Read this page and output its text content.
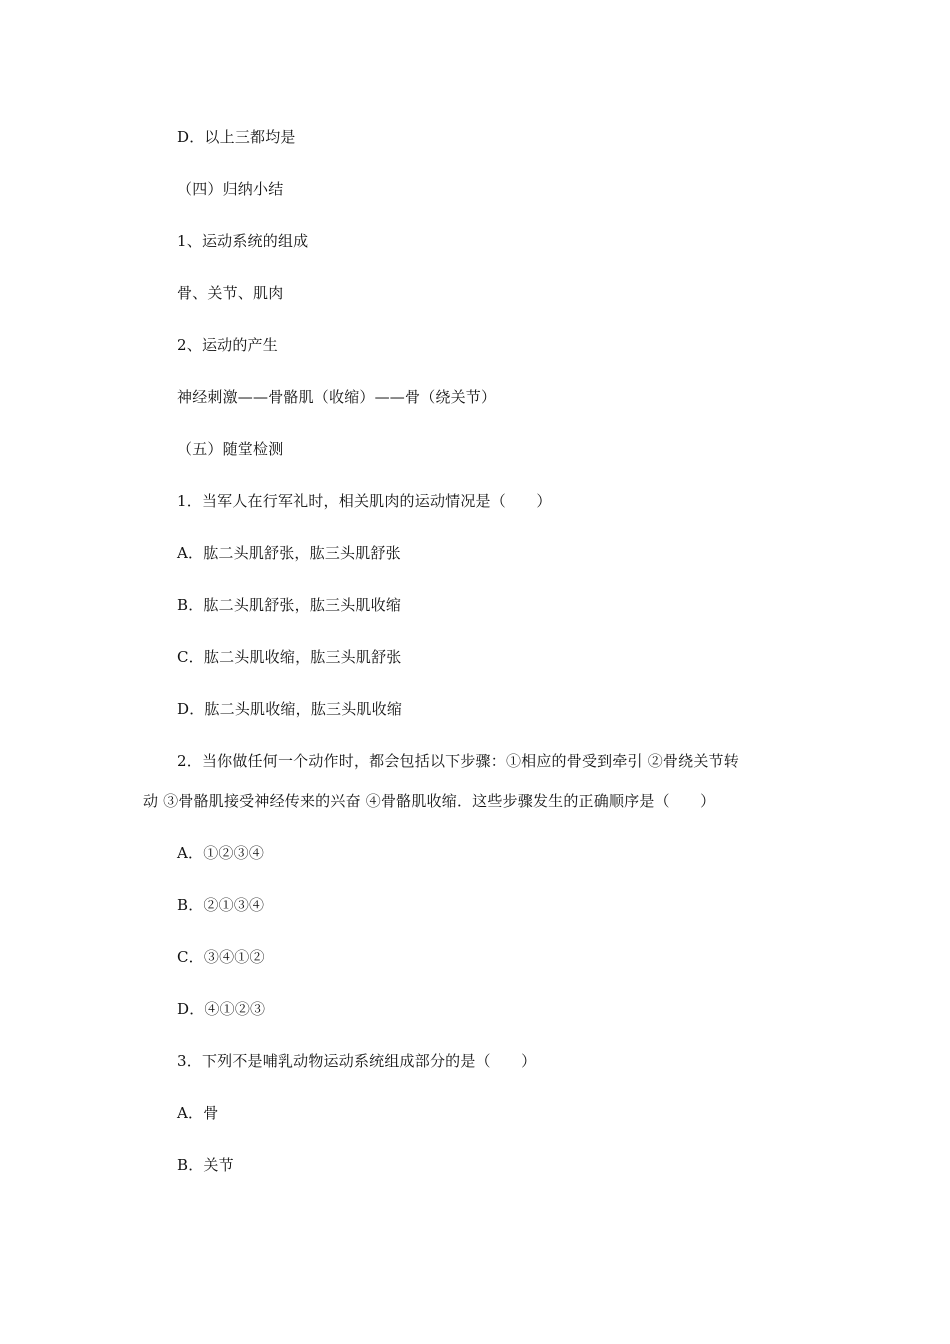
D．以上三都均是
（四）归纳小结
1、运动系统的组成
骨、关节、肌肉
2、运动的产生
神经刺激——骨骼肌（收缩）——骨（绕关节）
（五）随堂检测
1．当军人在行军礼时，相关肌肉的运动情况是（　　）
A．肱二头肌舒张，肱三头肌舒张
B．肱二头肌舒张，肱三头肌收缩
C．肱二头肌收缩，肱三头肌舒张
D．肱二头肌收缩，肱三头肌收缩
2．当你做任何一个动作时，都会包括以下步骤：①相应的骨受到牵引 ②骨绕关节转
动 ③骨骼肌接受神经传来的兴奋 ④骨骼肌收缩．这些步骤发生的正确顺序是（　　）
A．①②③④
B．②①③④
C．③④①②
D．④①②③
3．下列不是哺乳动物运动系统组成部分的是（　　）
A．骨
B．关节
